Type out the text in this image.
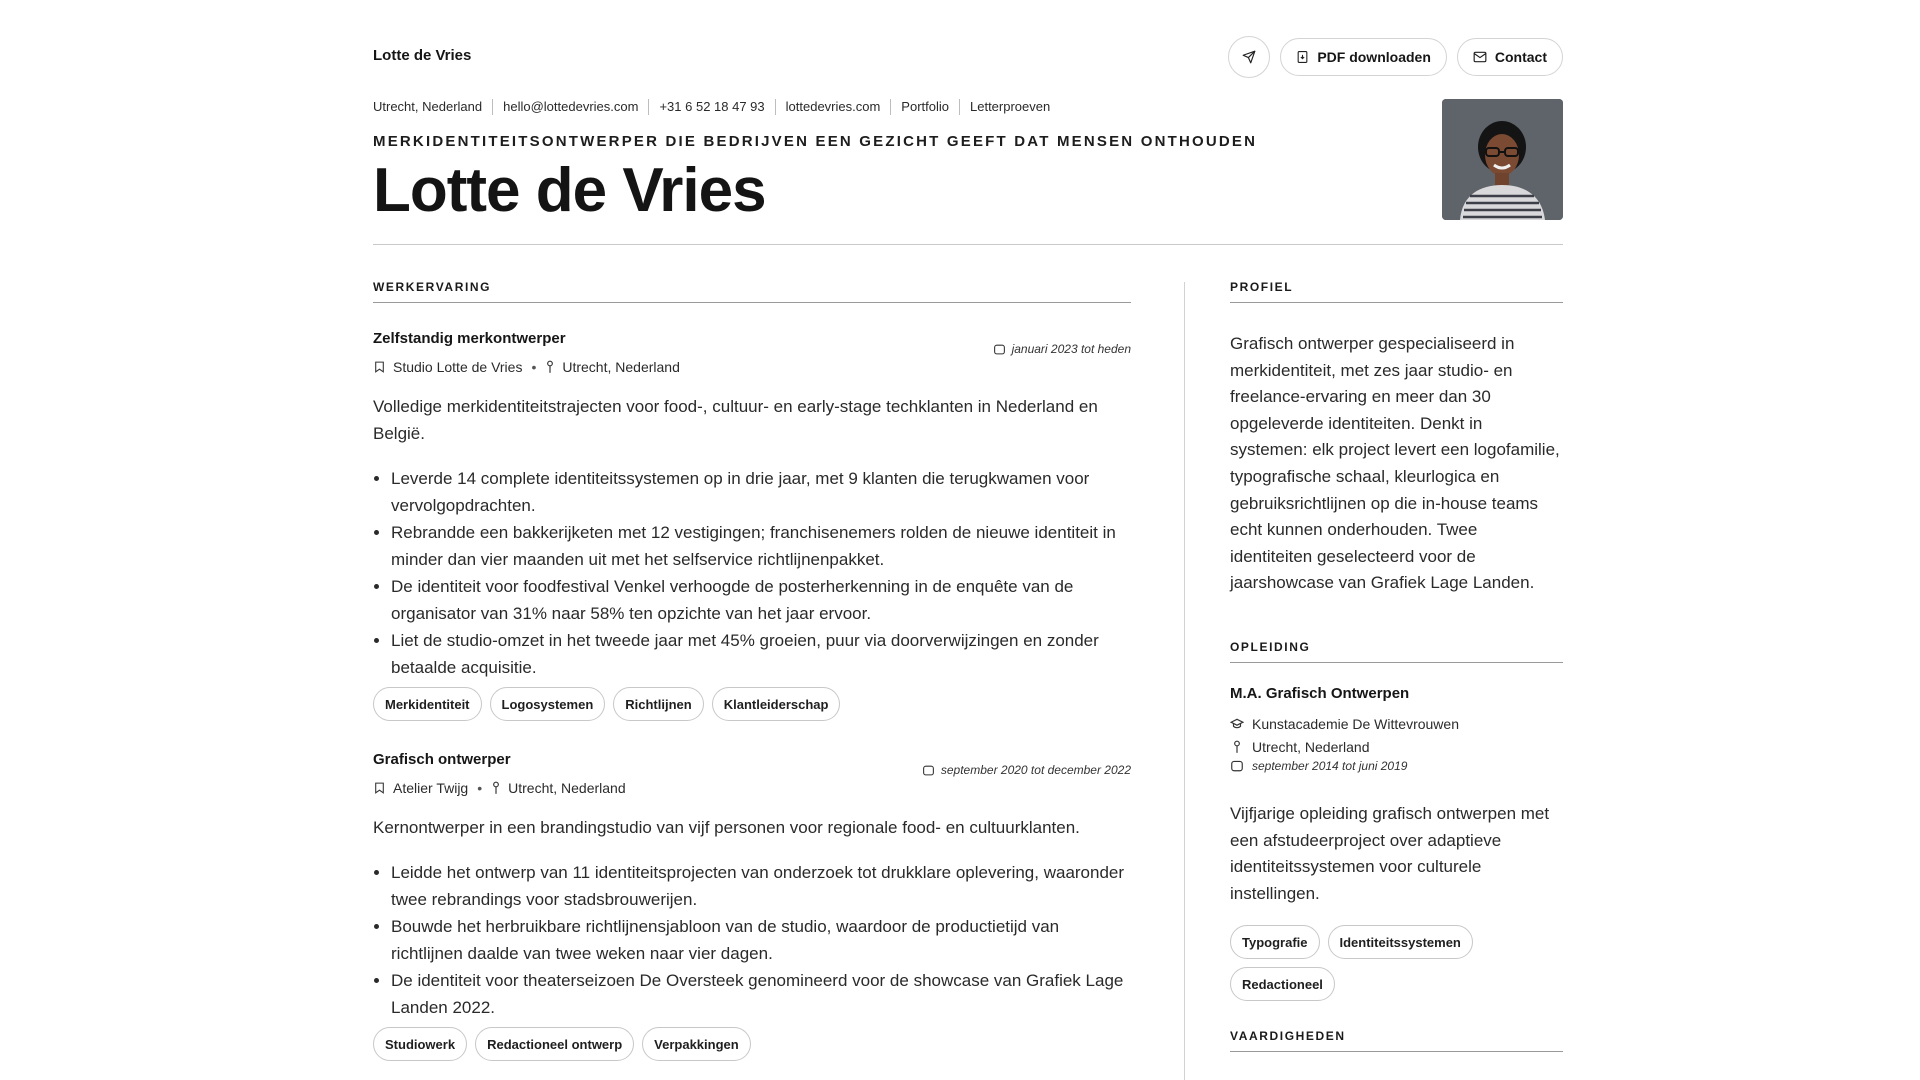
Lotte de Vries	PDF downloaden	Contact
Utrecht, Nederland	hello@lottedevries.com	+31 6 52 18 47 93	lottedevries.com	Portfolio	Letterproeven
MERKIDENTITEITSONTWERPER DIE BEDRIJVEN EEN GEZICHT GEEFT DAT MENSEN ONTHOUDEN
Lotte de Vries
WERKERVARING
Zelfstandig merkontwerper
januari 2023 tot heden
Studio Lotte de Vries • Utrecht, Nederland
Volledige merkidentiteitstrajecten voor food-, cultuur- en early-stage techklanten in Nederland en België.
• Leverde 14 complete identiteitssystemen op in drie jaar, met 9 klanten die terugkwamen voor vervolgopdrachten.
• Rebrandde een bakkerijketen met 12 vestigingen; franchisenemers rolden de nieuwe identiteit in minder dan vier maanden uit met het selfservice richtlijnenpakket.
• De identiteit voor foodfestival Venkel verhoogde de posterherkenning in de enquête van de organisator van 31% naar 58% ten opzichte van het jaar ervoor.
• Liet de studio-omzet in het tweede jaar met 45% groeien, puur via doorverwijzingen en zonder betaalde acquisitie.
Merkidentiteit	Logosystemen	Richtlijnen	Klantleiderschap
Grafisch ontwerper
september 2020 tot december 2022
Atelier Twijg • Utrecht, Nederland
Kernontwerper in een brandingstudio van vijf personen voor regionale food- en cultuurklanten.
• Leidde het ontwerp van 11 identiteitsprojecten van onderzoek tot drukklare oplevering, waaronder twee rebrandings voor stadsbrouwerijen.
• Bouwde het herbruikbare richtlijnensjabloon van de studio, waardoor de productietijd van richtlijnen daalde van twee weken naar vier dagen.
• De identiteit voor theaterseizoen De Oversteek genomineerd voor de showcase van Grafiek Lage Landen 2022.
Studiowerk	Redactioneel ontwerp	Verpakkingen
PROFIEL
Grafisch ontwerper gespecialiseerd in merkidentiteit, met zes jaar studio- en freelance-ervaring en meer dan 30 opgeleverde identiteiten. Denkt in systemen: elk project levert een logofamilie, typografische schaal, kleurlogica en gebruiksrichtlijnen op die in-house teams echt kunnen onderhouden. Twee identiteiten geselecteerd voor de jaarshowcase van Grafiek Lage Landen.
OPLEIDING
M.A. Grafisch Ontwerpen
Kunstacademie De Wittevrouwen
Utrecht, Nederland
september 2014 tot juni 2019
Vijfjarige opleiding grafisch ontwerpen met een afstudeerproject over adaptieve identiteitssystemen voor culturele instellingen.
Typografie	Identiteitssystemen
Redactioneel
VAARDIGHEDEN
